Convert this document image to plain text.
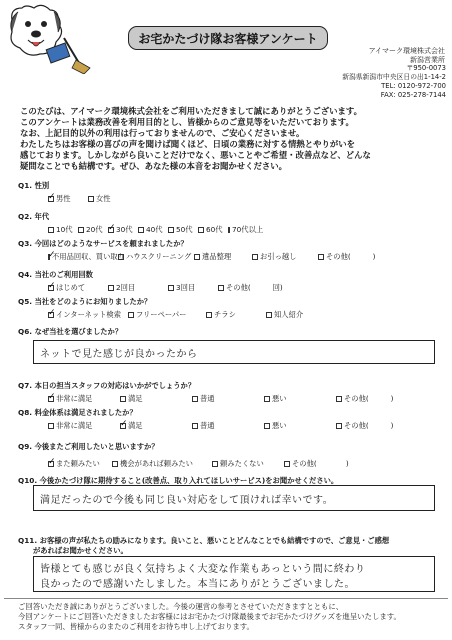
お宅かたづけ隊お客様アンケート
アイマーク環境株式会社
新潟営業所
〒950-0073
新潟県新潟市中央区日の出1-14-2
TEL: 0120-972-700
FAX: 025-278-7144
このたびは、アイマーク環境株式会社をご利用いただきまして誠にありがとうございます。
このアンケートは業務改善を利用目的とし、皆様からのご意見等をいただいております。
なお、上記目的以外の利用は行っておりませんので、ご安心くださいませ。
わたしたちはお客様の喜びの声を聞けば聞くほど、日頃の業務に対する情熱とやりがいを
感じております。しかしながら良いことだけでなく、悪いことやご希望・改善点など、どんな
疑問なことでも結構です。ぜひ、あなた様の本音をお聞かせください。
Q1. 性別
✓
男性	女性
Q2. 年代
10代 20代 ✓ 30代 40代 50代 60代 70代以上
Q3. 今回はどのようなサービスを頼まれましたか？
✓
不用品回収、買い取り ハウスクリーニング 遺品整理	お引っ越し	その他(　　　)
Q4. 当社のご利用回数
✓
はじめて	2回目	3回目	その他(　　　回)
Q5. 当社をどのようにお知りましたか？
✓
インターネット検索 フリーペーパー	チラシ	知人紹介
Q6. なぜ当社を選びましたか？
ネットで見た感じが良かったから
Q7. 本日の担当スタッフの対応はいかがでしょうか？
✓
非常に満足	満足	普通	悪い	その他(　　　)
Q8. 料金体系は満足されましたか？
非常に満足 ✓	満足	普通	悪い	その他(　　　)
Q9. 今後またご利用したいと思いますか？
✓
また頼みたい	機会があれば頼みたい	頼みたくない	その他(　　　　)
Q10. 今後かたづけ隊に期待すること(改善点、取り入れてほしいサービス)をお聞かせください。
満足だったので今後も同じ良い対応をして頂ければ幸いです。
Q11. お客様の声が私たちの励みになります。良いこと、悪いことどんなことでも結構ですので、ご意見・ご感想
があればお聞かせください。
皆様とても感じが良く気持ちよく大変な作業もあっという間に終わり
良かったので感謝いたしました。本当にありがとうございました。
ご回答いただき誠にありがとうございました。今後の運営の参考とさせていただきますとともに、
今回アンケートにご回答いただきましたお客様にはお宅かたづけ隊最後までお宅かたづけグッズを進呈いたします。
スタッフ一同、皆様からのまたのご利用をお待ち申し上げております。
